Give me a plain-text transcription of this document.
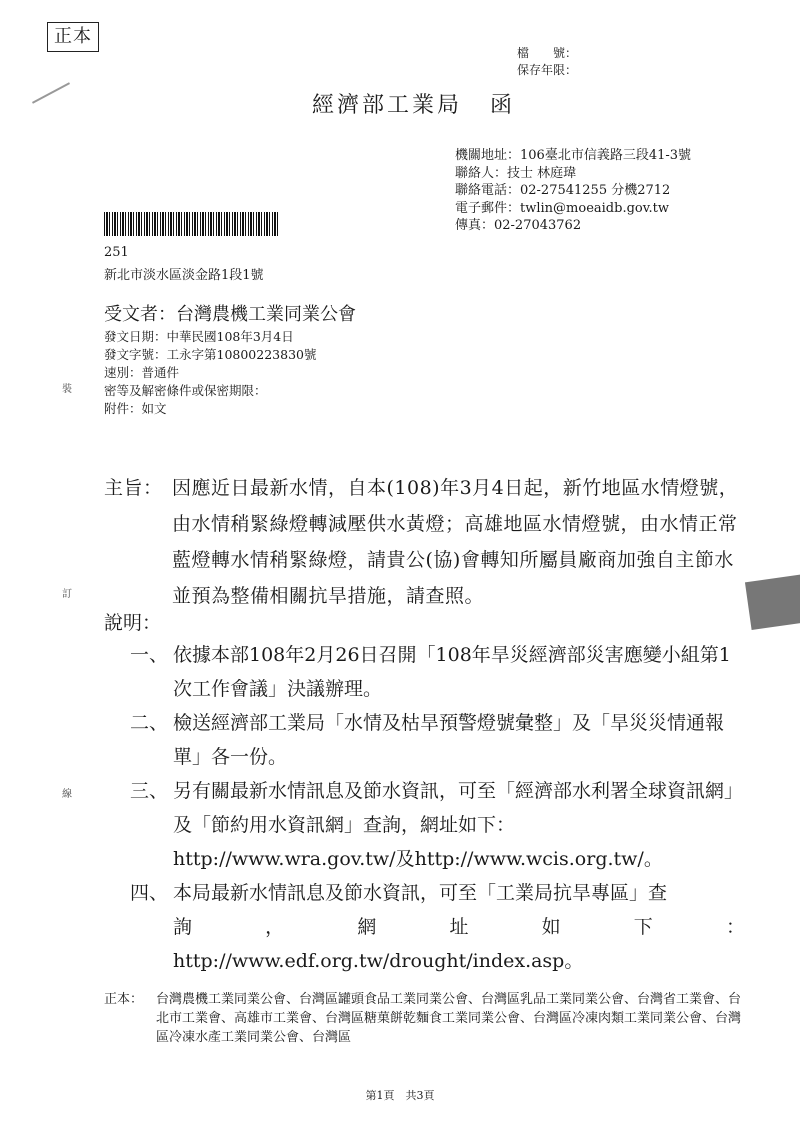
正本
檔　　號：
保存年限：
經濟部工業局 函
機關地址：106臺北市信義路三段41-3號
聯絡人：技士 林庭瑋
聯絡電話：02-27541255 分機2712
電子郵件：twlin@moeaidb.gov.tw
傳真：02-27043762
251
新北市淡水區淡金路1段1號
受文者：台灣農機工業同業公會
發文日期：中華民國108年3月4日
發文字號：工永字第10800223830號
速別：普通件
密等及解密條件或保密期限：
附件：如文
裝
訂
線
主旨： 因應近日最新水情，自本(108)年3月4日起，新竹地區水情燈號，由水情稍緊綠燈轉減壓供水黃燈；高雄地區水情燈號，由水情正常藍燈轉水情稍緊綠燈，請貴公(協)會轉知所屬員廠商加強自主節水並預為整備相關抗旱措施，請查照。
說明：
一、 依據本部108年2月26日召開「108年旱災經濟部災害應變小組第1次工作會議」決議辦理。
二、 檢送經濟部工業局「水情及枯旱預警燈號彙整」及「旱災災情通報單」各一份。
三、 另有關最新水情訊息及節水資訊，可至「經濟部水利署全球資訊網」及「節約用水資訊網」查詢，網址如下：
http://www.wra.gov.tw/及http://www.wcis.org.tw/。
四、 本局最新水情訊息及節水資訊，可至「工業局抗旱專區」查
詢	，	網	址	如	下	：
http://www.edf.org.tw/drought/index.asp。
正本： 台灣農機工業同業公會、台灣區罐頭食品工業同業公會、台灣區乳品工業同業公會、台灣省工業會、台北市工業會、高雄市工業會、台灣區糖菓餅乾麵食工業同業公會、台灣區冷凍肉類工業同業公會、台灣區冷凍水產工業同業公會、台灣區
第1頁　共3頁
